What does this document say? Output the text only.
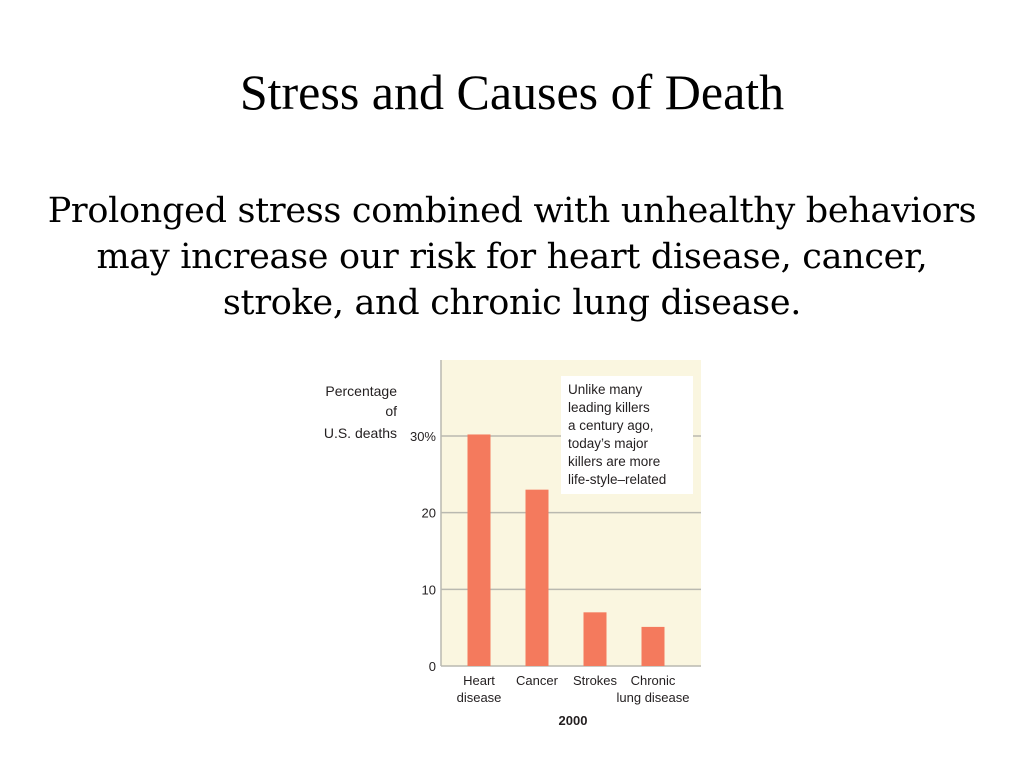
Stress and Causes of Death
Prolonged stress combined with unhealthy behaviors may increase our risk for heart disease, cancer, stroke, and chronic lung disease.
0
10
20
30%
Percentage
of
U.S. deaths
Heart
disease
Cancer Strokes Chronic
lung disease
2000
Unlike many
leading killers
a century ago,
today’s major
killers are more
life-style–related
